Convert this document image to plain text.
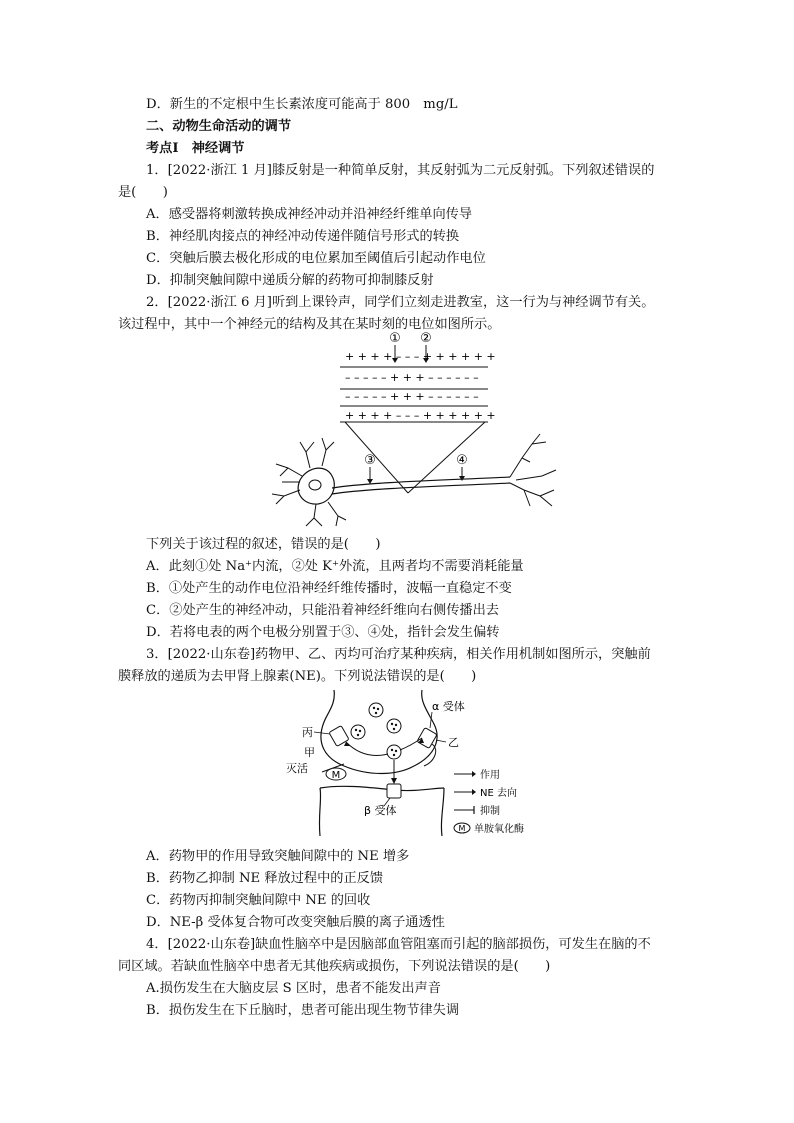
D．新生的不定根中生长素浓度可能高于 800　mg/L
二、动物生命活动的调节
考点Ⅰ　神经调节
1．[2022·浙江 1 月]膝反射是一种简单反射，其反射弧为二元反射弧。下列叙述错误的
是(　　)
A．感受器将刺激转换成神经冲动并沿神经纤维单向传导
B．神经肌肉接点的神经冲动传递伴随信号形式的转换
C．突触后膜去极化形成的电位累加至阈值后引起动作电位
D．抑制突触间隙中递质分解的药物可抑制膝反射
2．[2022·浙江 6 月]听到上课铃声，同学们立刻走进教室，这一行为与神经调节有关。
该过程中，其中一个神经元的结构及其在某时刻的电位如图所示。
① ②
+ + + + – – – + + + + + +
– – – – – + + + – – – – – –
– – – – – + + + – – – – – –
+ + + + – – – + + + + + +
③	④
下列关于该过程的叙述，错误的是(　　)
A．此刻①处 Na⁺内流，②处 K⁺外流，且两者均不需要消耗能量
B．①处产生的动作电位沿神经纤维传播时，波幅一直稳定不变
C．②处产生的神经冲动，只能沿着神经纤维向右侧传播出去
D．若将电表的两个电极分别置于③、④处，指针会发生偏转
3．[2022·山东卷]药物甲、乙、丙均可治疗某种疾病，相关作用机制如图所示，突触前
膜释放的递质为去甲肾上腺素(NE)。下列说法错误的是(　　)
M
丙
甲
灭活
α 受体
乙
β 受体
作用
NE 去向
抑制
M 单胺氧化酶
A．药物甲的作用导致突触间隙中的 NE 增多
B．药物乙抑制 NE 释放过程中的正反馈
C．药物丙抑制突触间隙中 NE 的回收
D．NE-β 受体复合物可改变突触后膜的离子通透性
4．[2022·山东卷]缺血性脑卒中是因脑部血管阻塞而引起的脑部损伤，可发生在脑的不
同区域。若缺血性脑卒中患者无其他疾病或损伤，下列说法错误的是(　　)
A.损伤发生在大脑皮层 S 区时，患者不能发出声音
B．损伤发生在下丘脑时，患者可能出现生物节律失调
